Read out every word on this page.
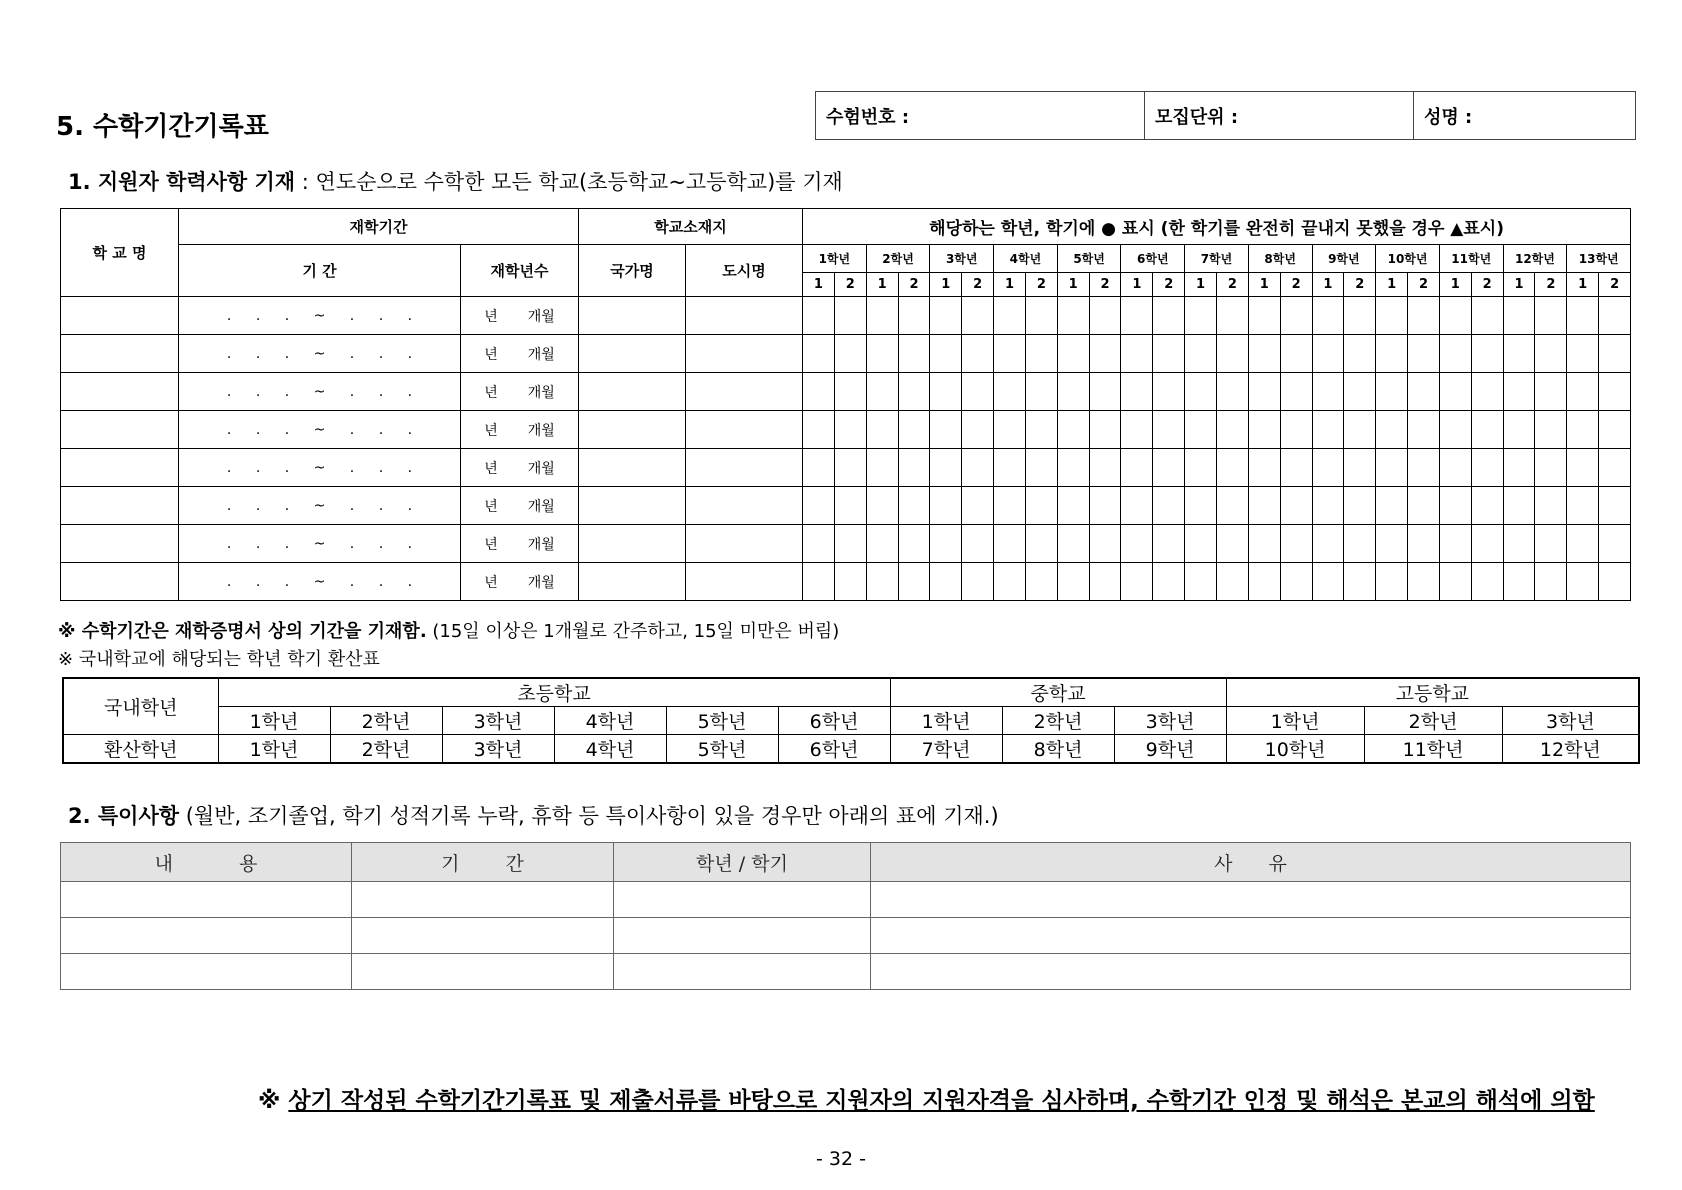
5. 수학기간기록표	수험번호 :	모집단위 :	성명 :
1. 지원자 학력사항 기재 : 연도순으로 수학한 모든 학교(초등학교~고등학교)를 기재
학 교 명	재학기간		학교소재지		해당하는 학년, 학기에 ● 표시 (한 학기를 완전히 끝내지 못했을 경우 ▲표시)																									
	기 간	재학년수	국가명	도시명	1학년		2학년		3학년		4학년		5학년		6학년		7학년		8학년		9학년		10학년		11학년		12학년		13학년	
					1	2	1	2	1	2	1	2	1	2	1	2	1	2	1	2	1	2	1	2	1	2	1	2	1	2
	. . . ~ . . .	년 개월																												
	. . . ~ . . .	년 개월																												
	. . . ~ . . .	년 개월																												
	. . . ~ . . .	년 개월																												
	. . . ~ . . .	년 개월																												
	. . . ~ . . .	년 개월																												
	. . . ~ . . .	년 개월																												
	. . . ~ . . .	년 개월																												
※ 수학기간은 재학증명서 상의 기간을 기재함. (15일 이상은 1개월로 간주하고, 15일 미만은 버림)
※ 국내학교에 해당되는 학년 학기 환산표
국내학년	초등학교						중학교			고등학교		
	1학년	2학년	3학년	4학년	5학년	6학년	1학년	2학년	3학년	1학년	2학년	3학년
환산학년	1학년	2학년	3학년	4학년	5학년	6학년	7학년	8학년	9학년	10학년	11학년	12학년
2. 특이사항 (월반, 조기졸업, 학기 성적기록 누락, 휴학 등 특이사항이 있을 경우만 아래의 표에 기재.)
내 용	기 간	학년 / 학기	사 유

※ 상기 작성된 수학기간기록표 및 제출서류를 바탕으로 지원자의 지원자격을 심사하며, 수학기간 인정 및 해석은 본교의 해석에 의함
- 32 -
